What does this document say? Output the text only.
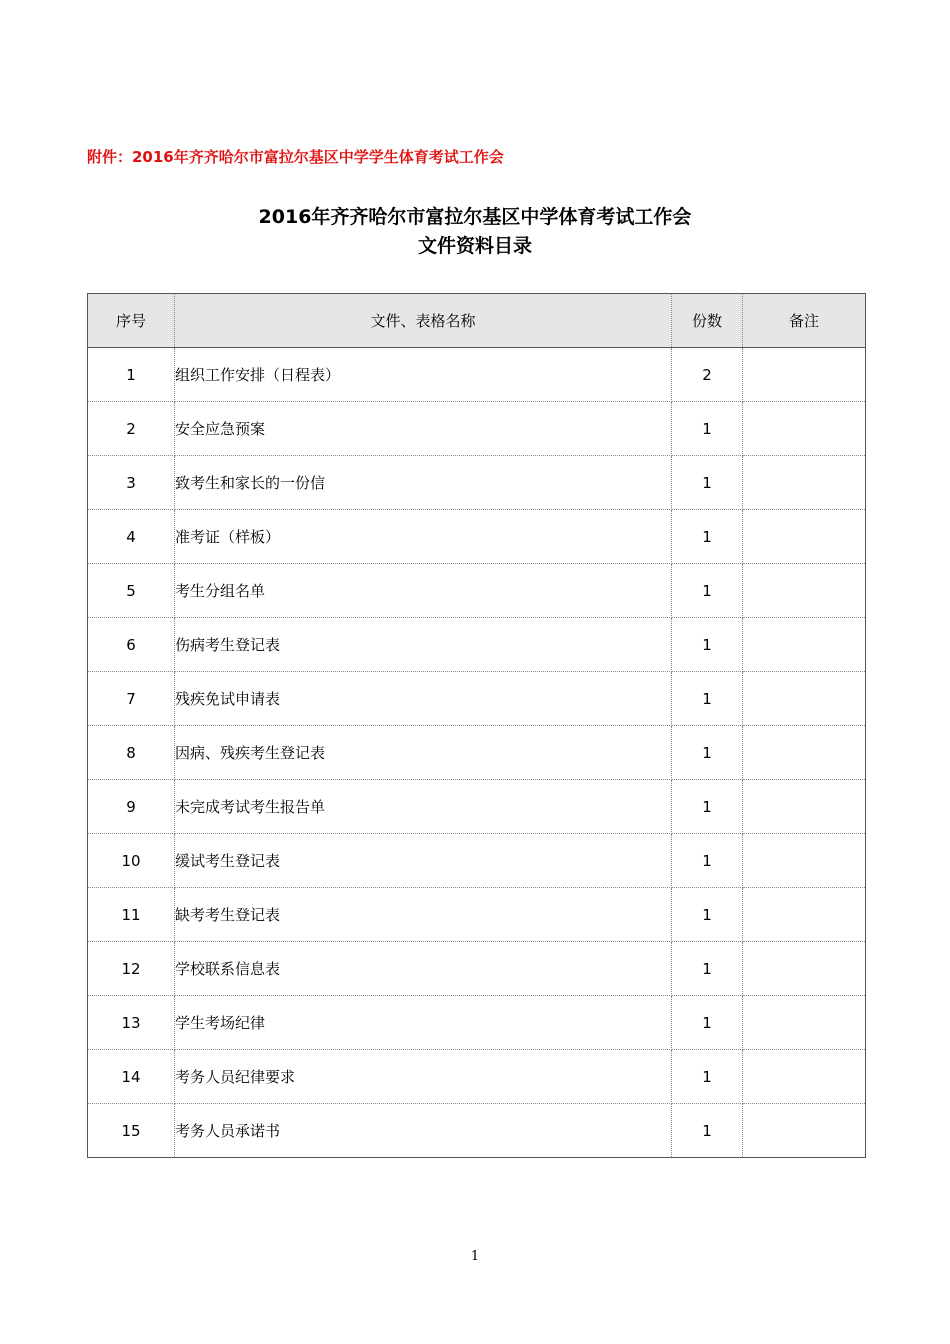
附件：2016年齐齐哈尔市富拉尔基区中学学生体育考试工作会
2016年齐齐哈尔市富拉尔基区中学体育考试工作会
文件资料目录
序号	文件、表格名称	份数	备注
1	组织工作安排（日程表）	2	
2	安全应急预案	1	
3	致考生和家长的一份信	1	
4	准考证（样板）	1	
5	考生分组名单	1	
6	伤病考生登记表	1	
7	残疾免试申请表	1	
8	因病、残疾考生登记表	1	
9	未完成考试考生报告单	1	
10	缓试考生登记表	1	
11	缺考考生登记表	1	
12	学校联系信息表	1	
13	学生考场纪律	1	
14	考务人员纪律要求	1	
15	考务人员承诺书	1	
1
